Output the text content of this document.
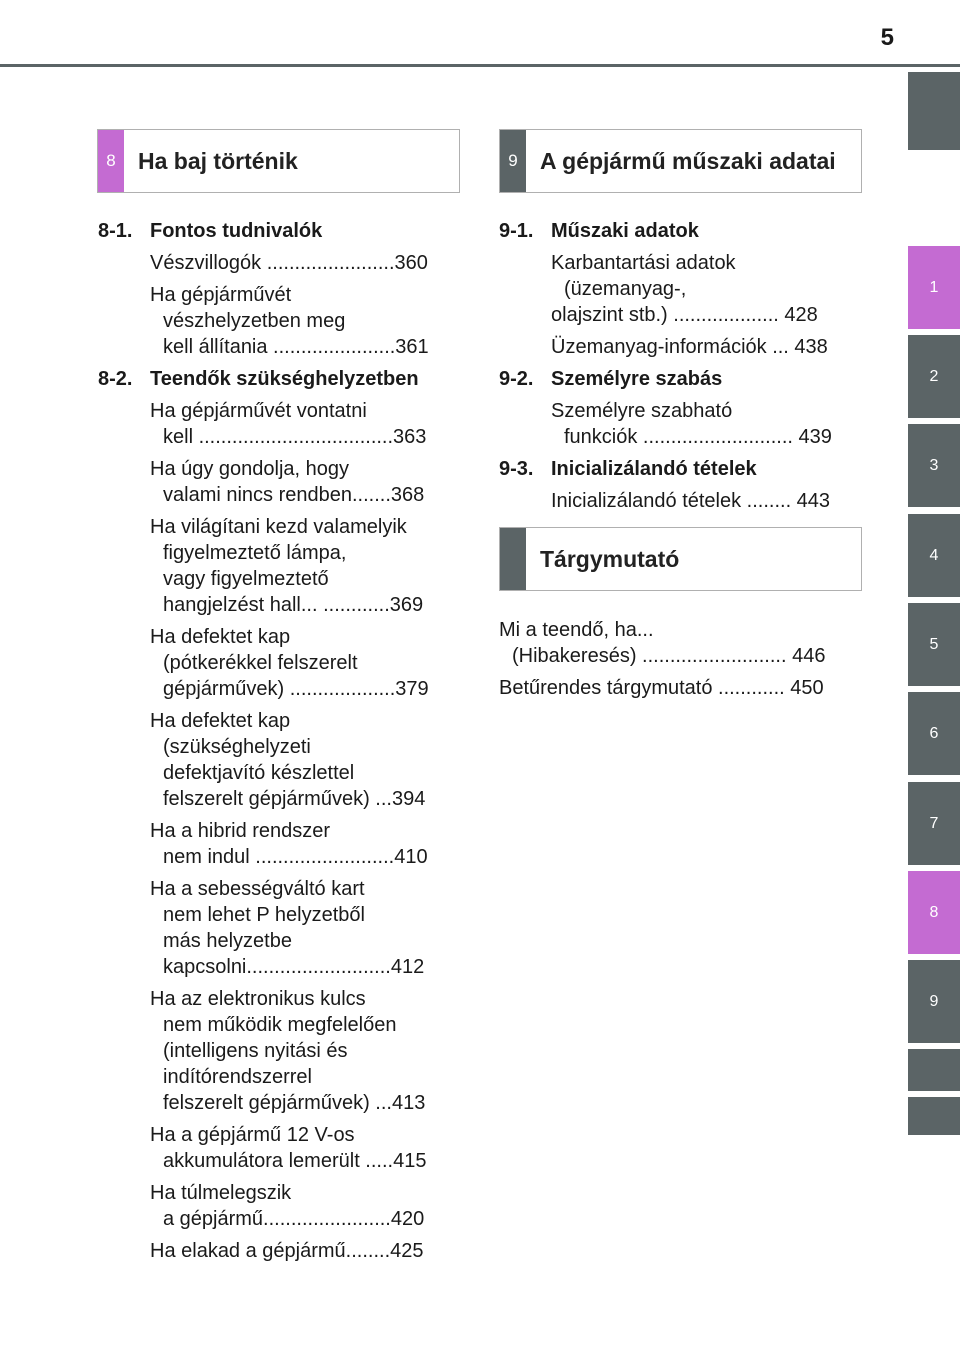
5
1
2
3
4
5
6
7
8
9
8 Ha baj történik	9 A gépjármű műszaki adatai
Tárgymutató
8-1. Fontos tudnivalók
Vészvillogók .......................360
Ha gépjárművét
vészhelyzetben meg
kell állítania ......................361
8-2. Teendők szükséghelyzetben
Ha gépjárművét vontatni
kell ...................................363
Ha úgy gondolja, hogy
valami nincs rendben.......368
Ha világítani kezd valamelyik
figyelmeztető lámpa,
vagy figyelmeztető
hangjelzést hall... ............369
Ha defektet kap
(pótkerékkel felszerelt
gépjárművek) ...................379
Ha defektet kap
(szükséghelyzeti
defektjavító készlettel
felszerelt gépjárművek) ...394
Ha a hibrid rendszer
nem indul .........................410
Ha a sebességváltó kart
nem lehet P helyzetből
más helyzetbe
kapcsolni..........................412
Ha az elektronikus kulcs
nem működik megfelelően
(intelligens nyitási és
indítórendszerrel
felszerelt gépjárművek) ...413
Ha a gépjármű 12 V-os
akkumulátora lemerült .....415
Ha túlmelegszik
a gépjármű.......................420
Ha elakad a gépjármű........425
9-1. Műszaki adatok
Karbantartási adatok
(üzemanyag-,
olajszint stb.) ................... 428
Üzemanyag-információk ... 438
9-2. Személyre szabás
Személyre szabható
funkciók ........................... 439
9-3. Inicializálandó tételek
Inicializálandó tételek ........ 443
Mi a teendő, ha...
(Hibakeresés) .......................... 446
Betűrendes tárgymutató ............ 450
